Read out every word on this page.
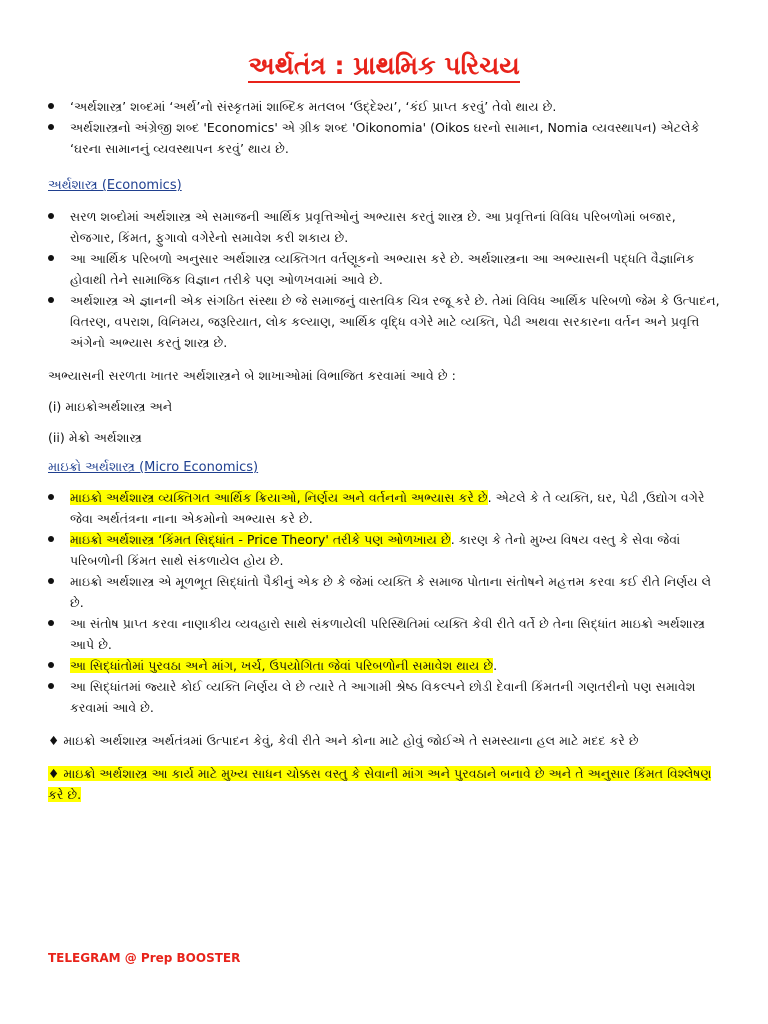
અર્થતંત્ર : પ્રાથમિક પરિચય
‘અર્થશાસ્ત્ર’ શબ્દમાં ‘અર્થ’નો સંસ્કૃતમાં શાબ્દિક મતલબ ‘ઉદ્દેશ્ય’, ‘કંઈ પ્રાપ્ત કરવું’ તેવો થાય છે.
અર્થશાસ્ત્રનો અંગ્રેજી શબ્દ 'Economics' એ ગ્રીક શબ્દ 'Oikonomia' (Oikos ઘરનો સામાન, Nomia વ્યવસ્થાપન) એટલેકે ‘ઘરના સામાનનું વ્યવસ્થાપન કરવું’ થાય છે.
અર્થશાસ્ત્ર (Economics)
સરળ શબ્દોમાં અર્થશાસ્ત્ર એ સમાજની આર્થિક પ્રવૃત્તિઓનું અભ્યાસ કરતું શાસ્ત્ર છે. આ પ્રવૃત્તિનાં વિવિધ પરિબળોમાં બજાર, રોજગાર, કિંમત, ફુગાવો વગેરેનો સમાવેશ કરી શકાય છે.
આ આર્થિક પરિબળો અનુસાર અર્થશાસ્ત્ર વ્યક્તિગત વર્તણૂકનો અભ્યાસ કરે છે. અર્થશાસ્ત્રના આ અભ્યાસની પદ્ધતિ વૈજ્ઞાનિક હોવાથી તેને સામાજિક વિજ્ઞાન તરીકે પણ ઓળખવામાં આવે છે.
અર્થશાસ્ત્ર એ જ્ઞાનની એક સંગઠિત સંસ્થા છે જે સમાજનું વાસ્તવિક ચિત્ર રજૂ કરે છે. તેમાં વિવિધ આર્થિક પરિબળો જેમ કે ઉત્પાદન, વિતરણ, વપરાશ, વિનિમય, જરૂરિયાત, લોક કલ્યાણ, આર્થિક વૃદ્ધિ વગેરે માટે વ્યક્તિ, પેઢી અથવા સરકારના વર્તન અને પ્રવૃત્તિ અંગેનો અભ્યાસ કરતું શાસ્ત્ર છે.
અભ્યાસની સરળતા ખાતર અર્થશાસ્ત્રને બે શાખાઓમાં વિભાજિત કરવામાં આવે છે :
(i) માઇક્રોઅર્થશાસ્ત્ર અને
(ii) મેક્રો અર્થશાસ્ત્ર
માઇક્રો અર્થશાસ્ત્ર (Micro Economics)
માઇક્રો અર્થશાસ્ત્ર વ્યક્તિગત આર્થિક ક્રિયાઓ, નિર્ણય અને વર્તનનો અભ્યાસ કરે છે. એટલે કે તે વ્યક્તિ, ઘર, પેઢી ,ઉદ્યોગ વગેરે જેવા અર્થતંત્રના નાના એકમોનો અભ્યાસ કરે છે.
માઇક્રો અર્થશાસ્ત્ર ‘કિંમત સિદ્ધાંત - Price Theory' તરીકે પણ ઓળખાય છે. કારણ કે તેનો મુખ્ય વિષય વસ્તુ કે સેવા જેવાં પરિબળોની કિંમત સાથે સંકળાયેલ હોય છે.
માઇક્રો અર્થશાસ્ત્ર એ મૂળભૂત સિદ્ધાંતો પૈકીનું એક છે કે જેમાં વ્યક્તિ કે સમાજ પોતાના સંતોષને મહત્તમ કરવા કઈ રીતે નિર્ણય લે છે.
આ સંતોષ પ્રાપ્ત કરવા નાણાકીય વ્યવહારો સાથે સંકળાયેલી પરિસ્થિતિમાં વ્યક્તિ કેવી રીતે વર્તે છે તેના સિદ્ધાંત માઇક્રો અર્થશાસ્ત્ર આપે છે.
આ સિદ્ધાંતોમાં પુરવઠા અને માંગ, ખર્ચ, ઉપયોગિતા જેવાં પરિબળોની સમાવેશ થાય છે.
આ સિદ્ધાંતમાં જ્યારે કોઈ વ્યક્તિ નિર્ણય લે છે ત્યારે તે આગામી શ્રેષ્ઠ વિકલ્પને છોડી દેવાની કિંમતની ગણતરીનો પણ સમાવેશ કરવામાં આવે છે.
♦ માઇક્રો અર્થશાસ્ત્ર અર્થતંત્રમાં ઉત્પાદન કેવું, કેવી રીતે અને કોના માટે હોવું જોઈએ તે સમસ્યાના હલ માટે મદદ કરે છે
♦ માઇક્રો અર્થશાસ્ત્ર આ કાર્ય માટે મુખ્ય સાધન ચોક્કસ વસ્તુ કે સેવાની માંગ અને પુરવઠાને બનાવે છે અને તે અનુસાર કિંમત વિશ્લેષણ કરે છે.
TELEGRAM @ Prep BOOSTER
